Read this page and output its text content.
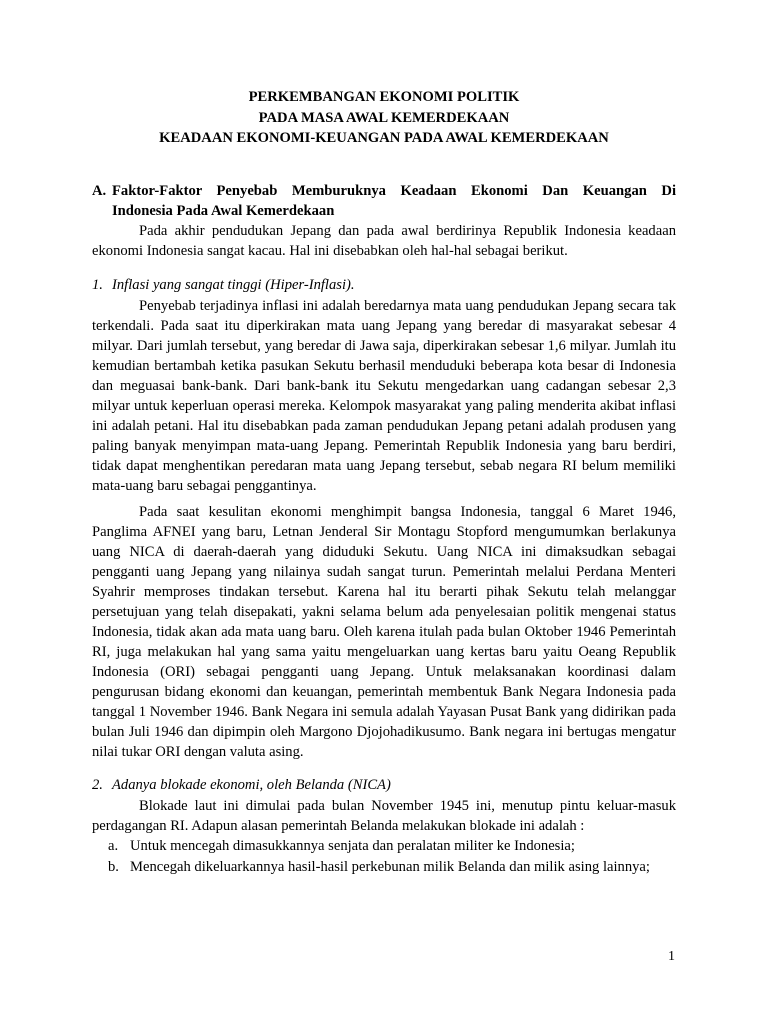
PERKEMBANGAN EKONOMI POLITIK
PADA MASA AWAL KEMERDEKAAN
KEADAAN EKONOMI-KEUANGAN PADA AWAL KEMERDEKAAN
A. Faktor-Faktor Penyebab Memburuknya Keadaan Ekonomi Dan Keuangan Di
Indonesia Pada Awal Kemerdekaan

Pada akhir pendudukan Jepang dan pada awal berdirinya Republik Indonesia keadaan ekonomi Indonesia sangat kacau. Hal ini disebabkan oleh hal-hal sebagai berikut.

1. Inflasi yang sangat tinggi (Hiper-Inflasi).

Penyebab terjadinya inflasi ini adalah beredarnya mata uang pendudukan Jepang secara tak terkendali. Pada saat itu diperkirakan mata uang Jepang yang beredar di masyarakat sebesar 4 milyar. Dari jumlah tersebut, yang beredar di Jawa saja, diperkirakan sebesar 1,6 milyar. Jumlah itu kemudian bertambah ketika pasukan Sekutu berhasil menduduki beberapa kota besar di Indonesia dan meguasai bank-bank. Dari bank-bank itu Sekutu mengedarkan uang cadangan sebesar 2,3 milyar untuk keperluan operasi mereka. Kelompok masyarakat yang paling menderita akibat inflasi ini adalah petani. Hal itu disebabkan pada zaman pendudukan Jepang petani adalah produsen yang paling banyak menyimpan mata-uang Jepang. Pemerintah Republik Indonesia yang baru berdiri, tidak dapat menghentikan peredaran mata uang Jepang tersebut, sebab negara RI belum memiliki mata-uang baru sebagai penggantinya.

Pada saat kesulitan ekonomi menghimpit bangsa Indonesia, tanggal 6 Maret 1946, Panglima AFNEI yang baru, Letnan Jenderal Sir Montagu Stopford mengumumkan berlakunya uang NICA di daerah-daerah yang diduduki Sekutu. Uang NICA ini dimaksudkan sebagai pengganti uang Jepang yang nilainya sudah sangat turun. Pemerintah melalui Perdana Menteri Syahrir memproses tindakan tersebut. Karena hal itu berarti pihak Sekutu telah melanggar persetujuan yang telah disepakati, yakni selama belum ada penyelesaian politik mengenai status Indonesia, tidak akan ada mata uang baru. Oleh karena itulah pada bulan Oktober 1946 Pemerintah RI, juga melakukan hal yang sama yaitu mengeluarkan uang kertas baru yaitu Oeang Republik Indonesia (ORI) sebagai pengganti uang Jepang. Untuk melaksanakan koordinasi dalam pengurusan bidang ekonomi dan keuangan, pemerintah membentuk Bank Negara Indonesia pada tanggal 1 November 1946. Bank Negara ini semula adalah Yayasan Pusat Bank yang didirikan pada bulan Juli 1946 dan dipimpin oleh Margono Djojohadikusumo. Bank negara ini bertugas mengatur nilai tukar ORI dengan valuta asing.

2. Adanya blokade ekonomi, oleh Belanda (NICA)

Blokade laut ini dimulai pada bulan November 1945 ini, menutup pintu keluar-masuk perdagangan RI. Adapun alasan pemerintah Belanda melakukan blokade ini adalah :

a. Untuk mencegah dimasukkannya senjata dan peralatan militer ke Indonesia;
b. Mencegah dikeluarkannya hasil-hasil perkebunan milik Belanda dan milik asing lainnya;
1
